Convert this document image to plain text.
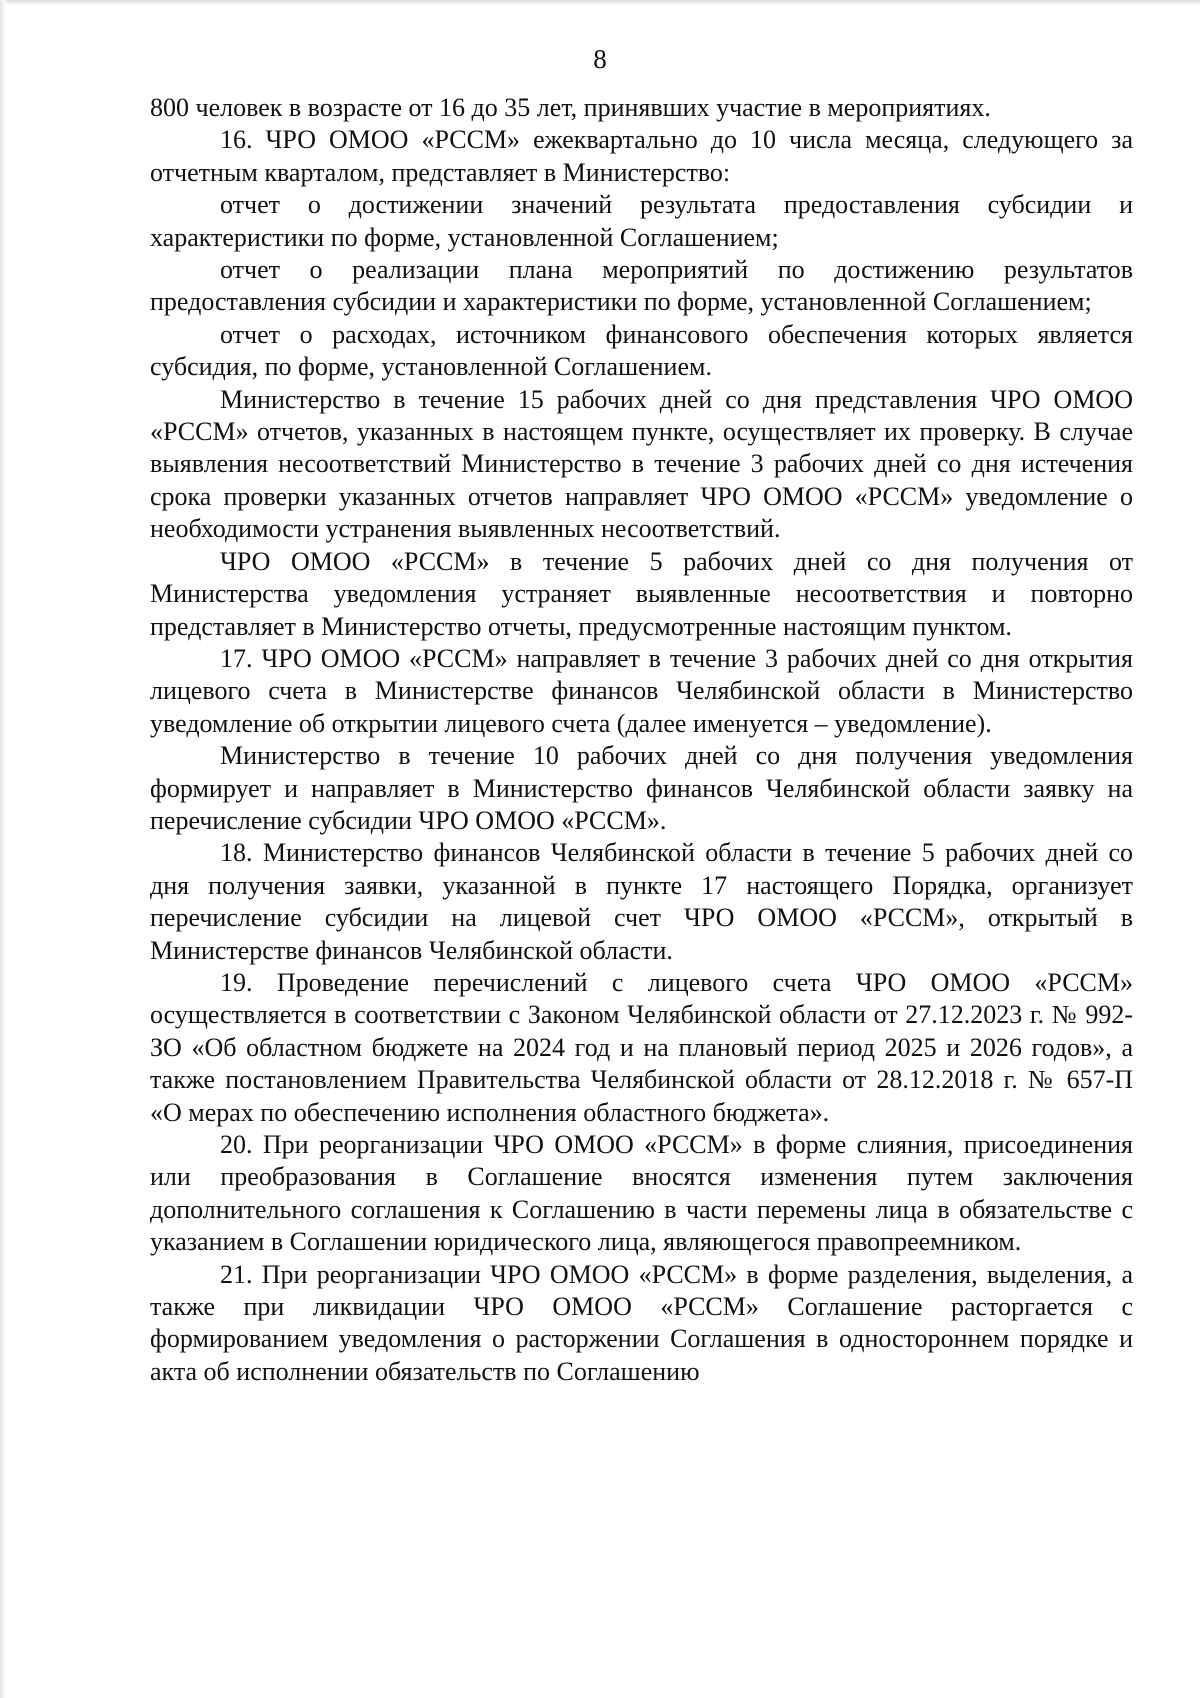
8

800 человек в возрасте от 16 до 35 лет, принявших участие в мероприятиях.

16. ЧРО ОМОО «РССМ» ежеквартально до 10 числа месяца, следующего за отчетным кварталом, представляет в Министерство:

отчет о достижении значений результата предоставления субсидии и характеристики по форме, установленной Соглашением;

отчет о реализации плана мероприятий по достижению результатов предоставления субсидии и характеристики по форме, установленной Соглашением;

отчет о расходах, источником финансового обеспечения которых является субсидия, по форме, установленной Соглашением.

Министерство в течение 15 рабочих дней со дня представления ЧРО ОМОО «РССМ» отчетов, указанных в настоящем пункте, осуществляет их проверку. В случае выявления несоответствий Министерство в течение 3 рабочих дней со дня истечения срока проверки указанных отчетов направляет ЧРО ОМОО «РССМ» уведомление о необходимости устранения выявленных несоответствий.

ЧРО ОМОО «РССМ» в течение 5 рабочих дней со дня получения от Министерства уведомления устраняет выявленные несоответствия и повторно представляет в Министерство отчеты, предусмотренные настоящим пунктом.

17. ЧРО ОМОО «РССМ» направляет в течение 3 рабочих дней со дня открытия лицевого счета в Министерстве финансов Челябинской области в Министерство уведомление об открытии лицевого счета (далее именуется – уведомление).

Министерство в течение 10 рабочих дней со дня получения уведомления формирует и направляет в Министерство финансов Челябинской области заявку на перечисление субсидии ЧРО ОМОО «РССМ».

18. Министерство финансов Челябинской области в течение 5 рабочих дней со дня получения заявки, указанной в пункте 17 настоящего Порядка, организует перечисление субсидии на лицевой счет ЧРО ОМОО «РССМ», открытый в Министерстве финансов Челябинской области.

19. Проведение перечислений с лицевого счета ЧРО ОМОО «РССМ» осуществляется в соответствии с Законом Челябинской области от 27.12.2023 г. № 992-ЗО «Об областном бюджете на 2024 год и на плановый период 2025 и 2026 годов», а также постановлением Правительства Челябинской области от 28.12.2018 г. № 657-П «О мерах по обеспечению исполнения областного бюджета».

20. При реорганизации ЧРО ОМОО «РССМ» в форме слияния, присоединения или преобразования в Соглашение вносятся изменения путем заключения дополнительного соглашения к Соглашению в части перемены лица в обязательстве с указанием в Соглашении юридического лица, являющегося правопреемником.

21. При реорганизации ЧРО ОМОО «РССМ» в форме разделения, выделения, а также при ликвидации ЧРО ОМОО «РССМ» Соглашение расторгается с формированием уведомления о расторжении Соглашения в одностороннем порядке и акта об исполнении обязательств по Соглашению
